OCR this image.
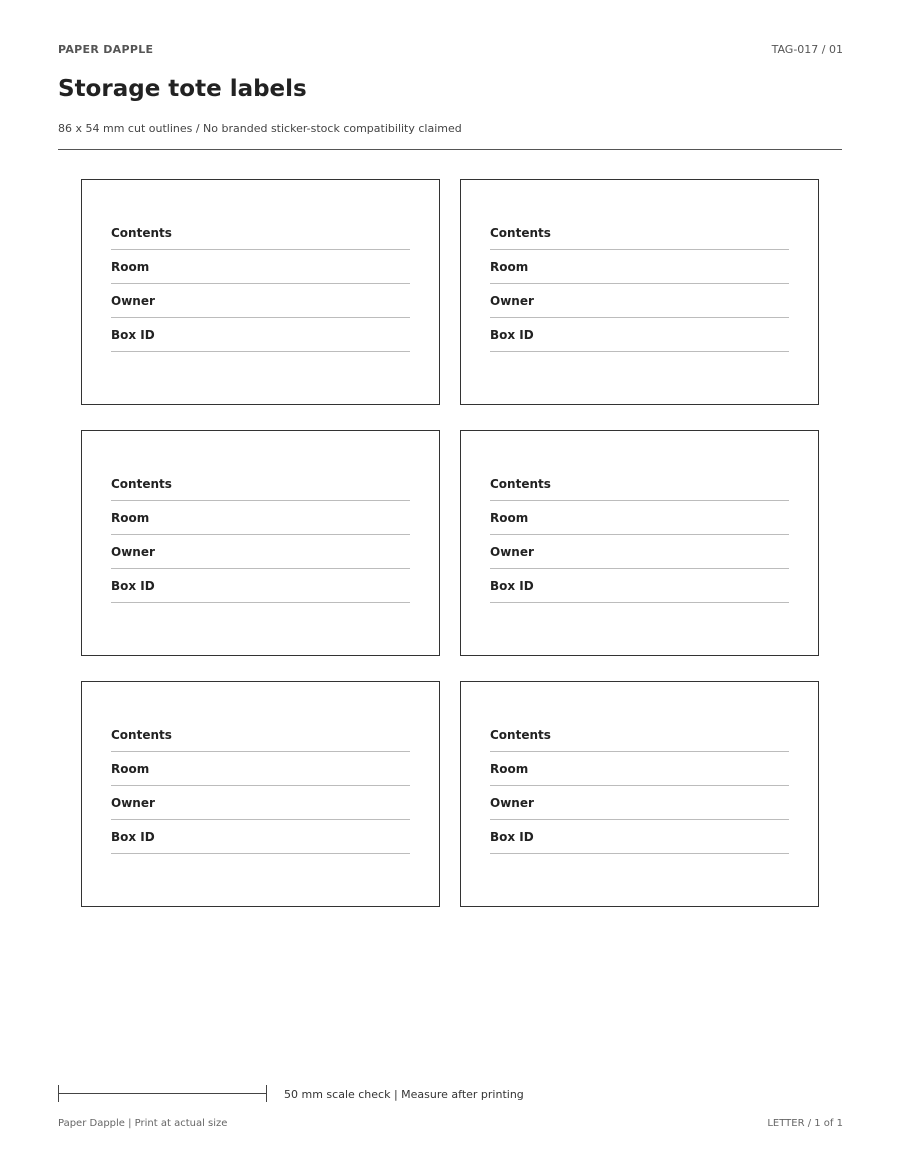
PAPER DAPPLE	TAG-017 / 01
Storage tote labels
86 x 54 mm cut outlines / No branded sticker-stock compatibility claimed
Contents
Room
Owner
Box ID
Contents
Room
Owner
Box ID
Contents
Room
Owner
Box ID
Contents
Room
Owner
Box ID
Contents
Room
Owner
Box ID
Contents
Room
Owner
Box ID
50 mm scale check | Measure after printing
Paper Dapple | Print at actual size	LETTER / 1 of 1
